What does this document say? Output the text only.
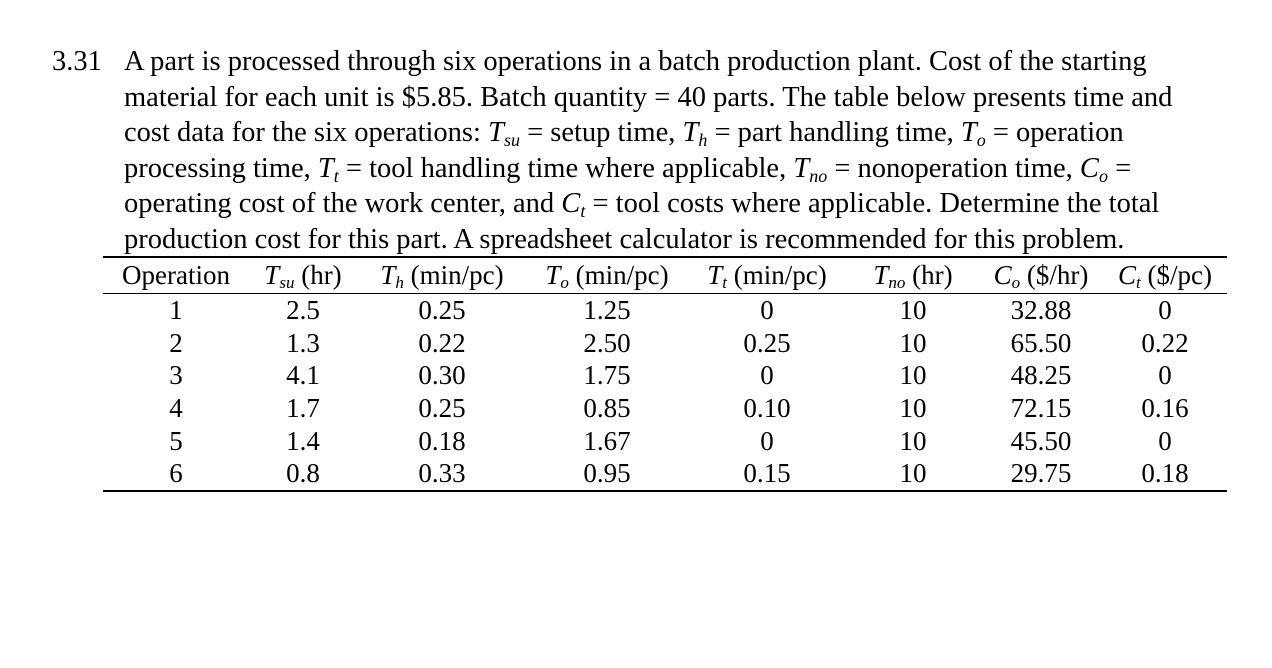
3.31 A part is processed through six operations in a batch production plant. Cost of the starting
material for each unit is $5.85. Batch quantity = 40 parts. The table below presents time and
cost data for the six operations: $T_{su}$ = setup time, $T_h$ = part handling time, $T_o$ = operation
processing time, $T_t$ = tool handling time where applicable, $T_{no}$ = nonoperation time, $C_o$ =
operating cost of the work center, and $C_t$ = tool costs where applicable. Determine the total
production cost for this part. A spreadsheet calculator is recommended for this problem.
Operation	$T_{su}$ (hr)	$T_h$ (min/pc)	$T_o$ (min/pc)	$T_t$ (min/pc)	$T_{no}$ (hr)	$C_o$ ($/hr)	$C_t$ ($/pc)
1	2.5	0.25	1.25	0	10	32.88	0
2	1.3	0.22	2.50	0.25	10	65.50	0.22
3	4.1	0.30	1.75	0	10	48.25	0
4	1.7	0.25	0.85	0.10	10	72.15	0.16
5	1.4	0.18	1.67	0	10	45.50	0
6	0.8	0.33	0.95	0.15	10	29.75	0.18
